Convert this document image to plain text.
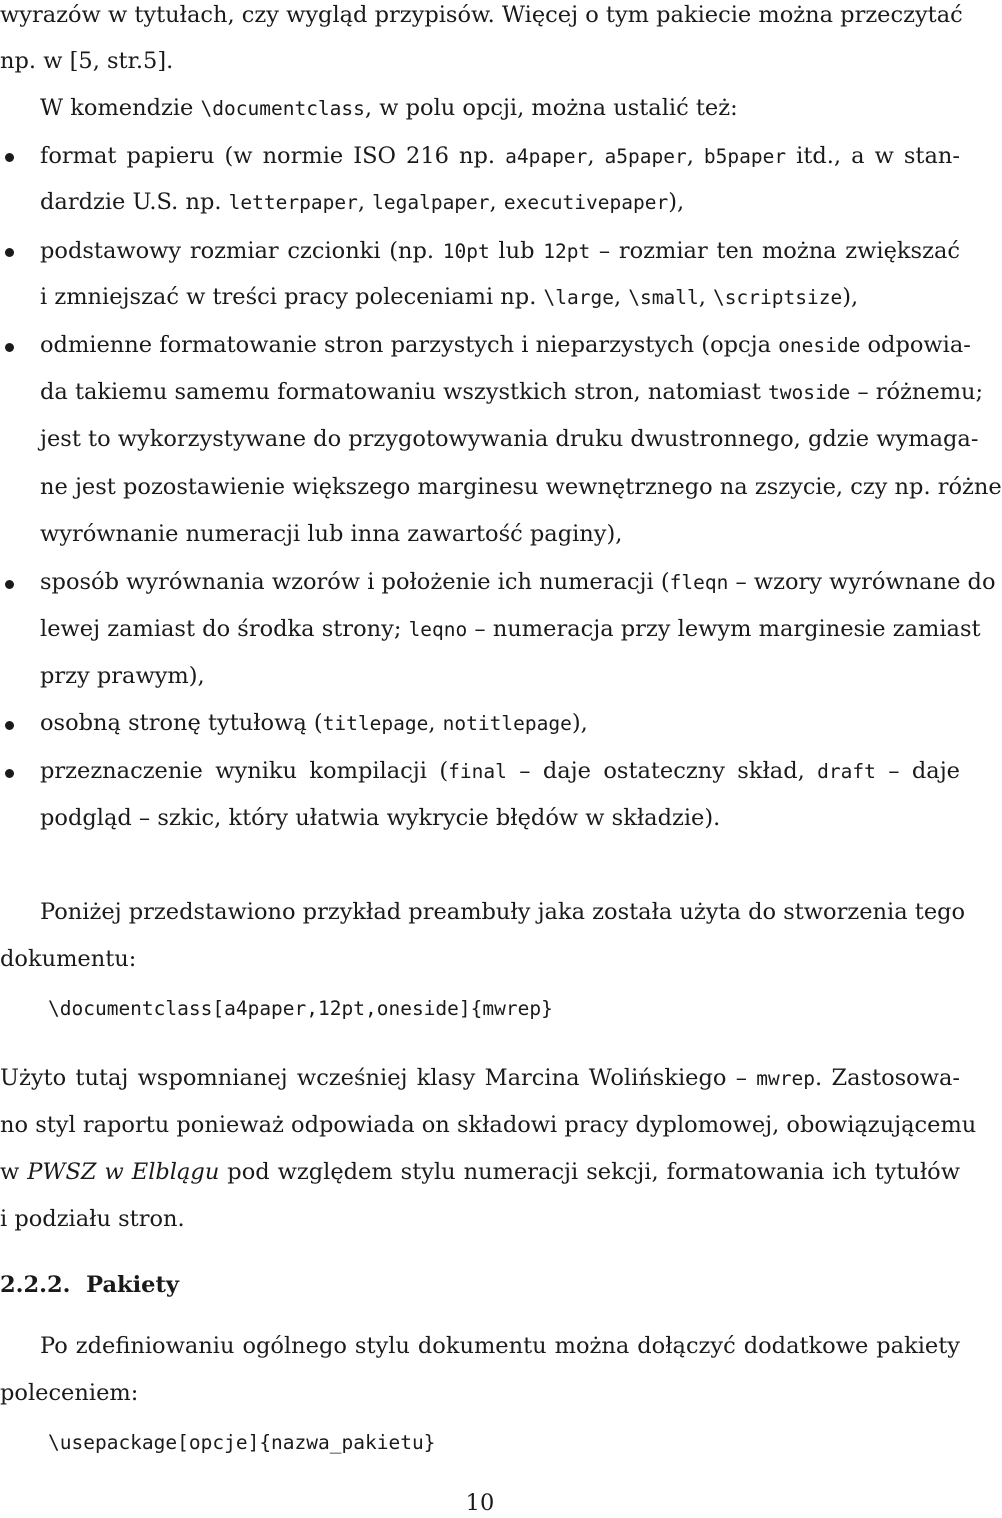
wyrazów w tytułach, czy wygląd przypisów. Więcej o tym pakiecie można przeczytać
np. w [5, str.5].
W komendzie \documentclass, w polu opcji, można ustalić też:
format papieru (w normie ISO 216 np. a4paper, a5paper, b5paper itd., a w stan-
dardzie U.S. np. letterpaper, legalpaper, executivepaper),
podstawowy rozmiar czcionki (np. 10pt lub 12pt – rozmiar ten można zwiększać
i zmniejszać w treści pracy poleceniami np. \large, \small, \scriptsize),
odmienne formatowanie stron parzystych i nieparzystych (opcja oneside odpowia-
da takiemu samemu formatowaniu wszystkich stron, natomiast twoside – różnemu;
jest to wykorzystywane do przygotowywania druku dwustronnego, gdzie wymaga-
ne jest pozostawienie większego marginesu wewnętrznego na zszycie, czy np. różne
wyrównanie numeracji lub inna zawartość paginy),
sposób wyrównania wzorów i położenie ich numeracji (fleqn – wzory wyrównane do
lewej zamiast do środka strony; leqno – numeracja przy lewym marginesie zamiast
przy prawym),
osobną stronę tytułową (titlepage, notitlepage),
przeznaczenie wyniku kompilacji (final – daje ostateczny skład, draft – daje
podgląd – szkic, który ułatwia wykrycie błędów w składzie).
Poniżej przedstawiono przykład preambuły jaka została użyta do stworzenia tego
dokumentu:
\documentclass[a4paper,12pt,oneside]{mwrep}
Użyto tutaj wspomnianej wcześniej klasy Marcina Wolińskiego – mwrep. Zastosowa-
no styl raportu ponieważ odpowiada on składowi pracy dyplomowej, obowiązującemu
w PWSZ w Elblągu pod względem stylu numeracji sekcji, formatowania ich tytułów
i podziału stron.
2.2.2. Pakiety
Po zdefiniowaniu ogólnego stylu dokumentu można dołączyć dodatkowe pakiety
poleceniem:
\usepackage[opcje]{nazwa_pakietu}
10
